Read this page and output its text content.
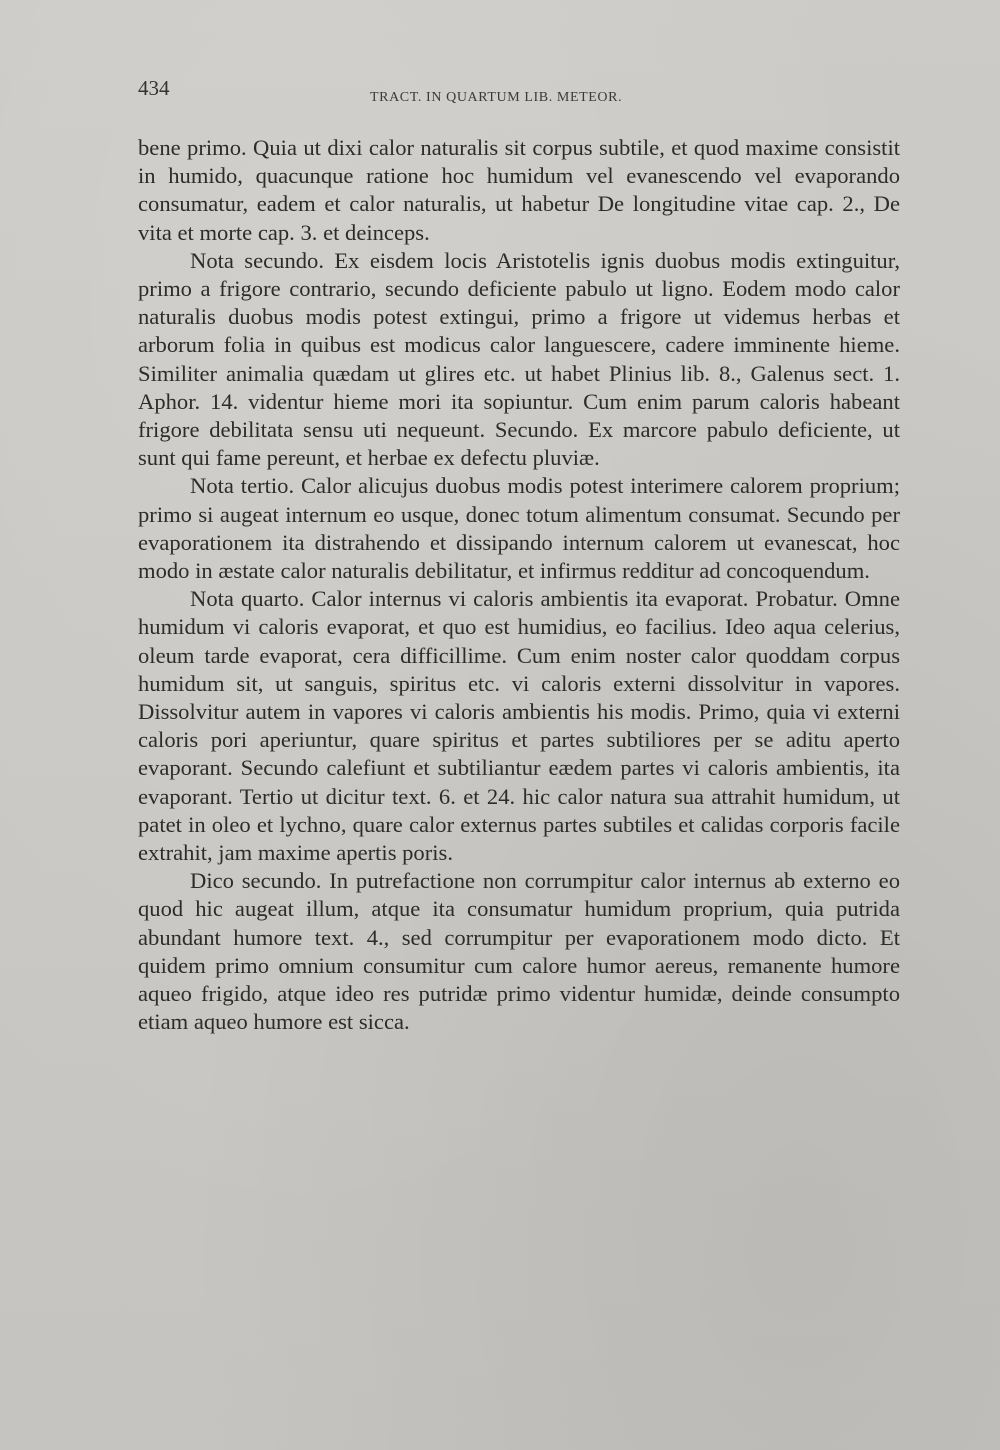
434	TRACT. IN QUARTUM LIB. METEOR.

bene primo. Quia ut dixi calor naturalis sit corpus subtile, et quod maxime consistit in humido, quacunque ratione hoc humidum vel evanescendo vel evaporando consumatur, eadem et calor naturalis, ut habetur De longitudine vitae cap. 2., De vita et morte cap. 3. et deinceps.

Nota secundo. Ex eisdem locis Aristotelis ignis duobus modis extinguitur, primo a frigore contrario, secundo deficiente pabulo ut ligno. Eodem modo calor naturalis duobus modis potest extingui, primo a frigore ut videmus herbas et arborum folia in quibus est modicus calor languescere, cadere imminente hieme. Similiter animalia quædam ut glires etc. ut habet Plinius lib. 8., Galenus sect. 1. Aphor. 14. videntur hieme mori ita sopiuntur. Cum enim parum caloris habeant frigore debilitata sensu uti nequeunt. Secundo. Ex marcore pabulo deficiente, ut sunt qui fame pereunt, et herbae ex defectu pluviæ.

Nota tertio. Calor alicujus duobus modis potest interimere calorem proprium; primo si augeat internum eo usque, donec totum alimentum consumat. Secundo per evaporationem ita distrahendo et dissipando internum calorem ut evanescat, hoc modo in æstate calor naturalis debilitatur, et infirmus redditur ad concoquendum.

Nota quarto. Calor internus vi caloris ambientis ita evaporat. Probatur. Omne humidum vi caloris evaporat, et quo est humidius, eo facilius. Ideo aqua celerius, oleum tarde evaporat, cera difficillime. Cum enim noster calor quoddam corpus humidum sit, ut sanguis, spiritus etc. vi caloris externi dissolvitur in vapores. Dissolvitur autem in vapores vi caloris ambientis his modis. Primo, quia vi externi caloris pori aperiuntur, quare spiritus et partes subtiliores per se aditu aperto evaporant. Secundo calefiunt et subtiliantur eædem partes vi caloris ambientis, ita evaporant. Tertio ut dicitur text. 6. et 24. hic calor natura sua attrahit humidum, ut patet in oleo et lychno, quare calor externus partes subtiles et calidas corporis facile extrahit, jam maxime apertis poris.

Dico secundo. In putrefactione non corrumpitur calor internus ab externo eo quod hic augeat illum, atque ita consumatur humidum proprium, quia putrida abundant humore text. 4., sed corrumpitur per evaporationem modo dicto. Et quidem primo omnium consumitur cum calore humor aereus, remanente humore aqueo frigido, atque ideo res putridæ primo videntur humidæ, deinde consumpto etiam aqueo humore est sicca.
